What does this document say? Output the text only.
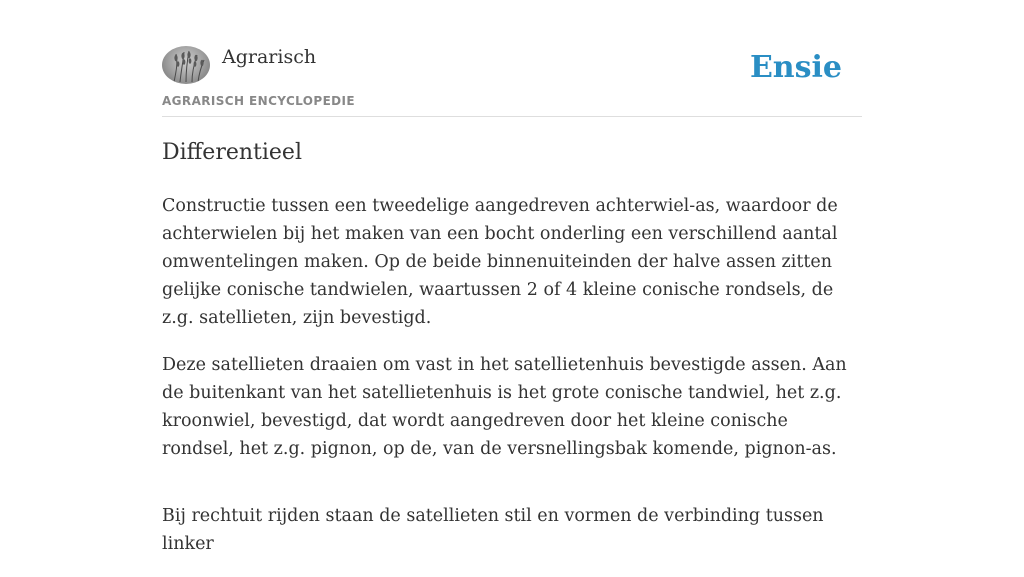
Agrarisch
AGRARISCH ENCYCLOPEDIE
Ensie
Differentieel

Constructie tussen een tweedelige aangedreven achterwiel-as, waardoor de achterwielen bij het maken van een bocht onderling een verschillend aantal omwentelingen maken. Op de beide binnenuiteinden der halve assen zitten gelijke conische tandwielen, waartussen 2 of 4 kleine conische rondsels, de z.g. satellieten, zijn bevestigd.

Deze satellieten draaien om vast in het satellietenhuis bevestigde assen. Aan de buitenkant van het satellietenhuis is het grote conische tandwiel, het z.g. kroonwiel, bevestigd, dat wordt aangedreven door het kleine conische rondsel, het z.g. pignon, op de, van de versnellingsbak komende, pignon-as.

Bij rechtuit rijden staan de satellieten stil en vormen de verbinding tussen linker
